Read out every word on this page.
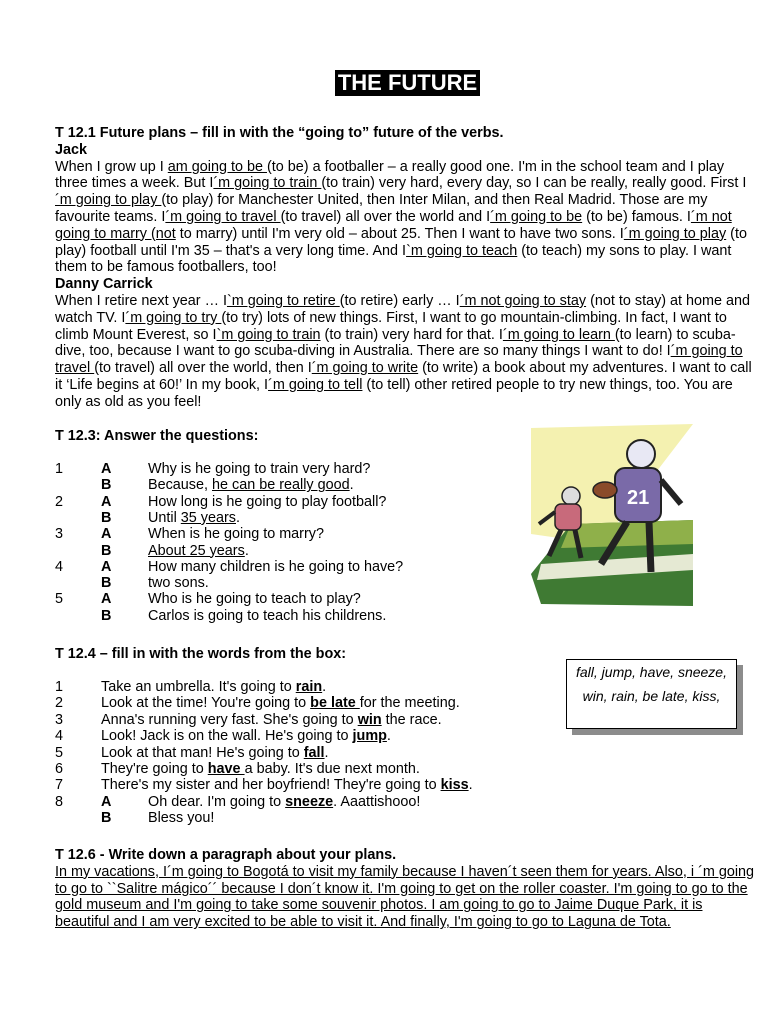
THE FUTURE

T 12.1 Future plans – fill in with the “going to” future of the verbs.

Jack

When I grow up I am going to be (to be) a footballer – a really good one. I'm in the school team and I play three times a week. But I´m going to train (to train) very hard, every day, so I can be really, really good. First I´m going to play (to play) for Manchester United, then Inter Milan, and then Real Madrid. Those are my favourite teams. I´m going to travel (to travel) all over the world and I´m going to be (to be) famous. I´m not going to marry (not to marry) until I'm very old – about 25. Then I want to have two sons. I´m going to play (to play) football until I'm 35 – that's a very long time. And I`m going to teach (to teach) my sons to play. I want them to be famous footballers, too!

Danny Carrick

When I retire next year … I`m going to retire (to retire) early … I´m not going to stay (not to stay) at home and watch TV. I´m going to try (to try) lots of new things. First, I want to go mountain-climbing. In fact, I want to climb Mount Everest, so I`m going to train (to train) very hard for that. I´m going to learn (to learn) to scuba-dive, too, because I want to go scuba-diving in Australia. There are so many things I want to do! I´m going to travel (to travel) all over the world, then I´m going to write (to write) a book about my adventures. I want to call it ‘Life begins at 60!’ In my book, I´m going to tell (to tell) other retired people to try new things, too. You are only as old as you feel!

T 12.3: Answer the questions:

1	A	Why is he going to train very hard?
B	Because, he can be really good.
2	A	How long is he going to play football?
B	Until 35 years.
3	A	When is he going to marry?
B	About 25 years.
4	A	How many children is he going to have?
B	two sons.
5	A	Who is he going to teach to play?
B	Carlos is going to teach his childrens.
21

T 12.4 – fill in with the words from the box:

1	Take an umbrella. It's going to rain.
2	Look at the time! You're going to be late for the meeting.
3	Anna's running very fast. She's going to win the race.
4	Look! Jack is on the wall. He's going to jump.
5	Look at that man! He's going to fall.
6	They're going to have a baby. It's due next month.
7	There's my sister and her boyfriend! They're going to kiss.
8	A	Oh dear. I'm going to sneeze. Aaattishooo!
B	Bless you!
fall, jump, have, sneeze,
win, rain, be late, kiss,

T 12.6 - Write down a paragraph about your plans.

In my vacations, I´m going to Bogotá to visit my family because I haven´t seen them for years. Also, i ´m going to go to ``Salitre mágico´´ because I don´t know it. I'm going to get on the roller coaster. I'm going to go to the gold museum and I'm going to take some souvenir photos. I am going to go to Jaime Duque Park, it is beautiful and I am very excited to be able to visit it. And finally, I'm going to go to Laguna de Tota.
